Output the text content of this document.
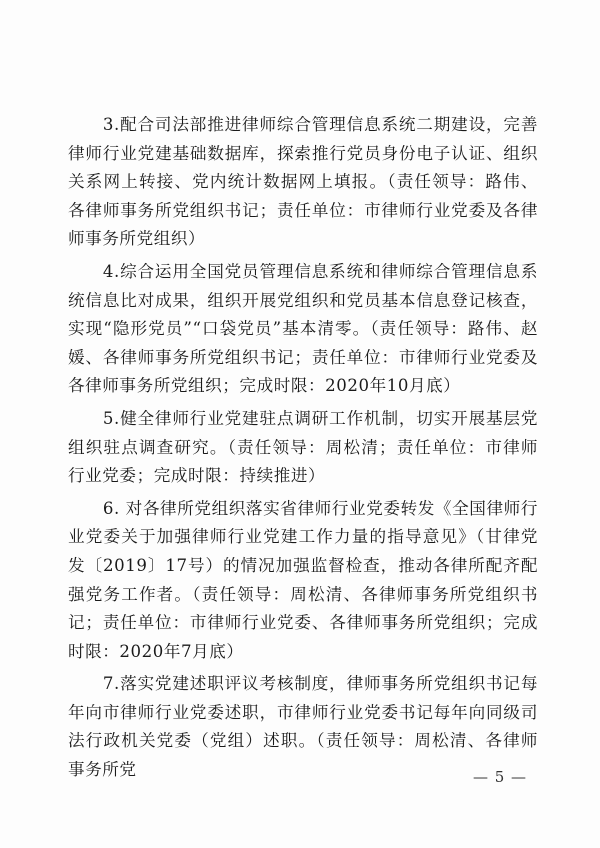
3.配合司法部推进律师综合管理信息系统二期建设，完善律师行业党建基础数据库，探索推行党员身份电子认证、组织关系网上转接、党内统计数据网上填报。（责任领导：路伟、各律师事务所党组织书记；责任单位：市律师行业党委及各律师事务所党组织）

4.综合运用全国党员管理信息系统和律师综合管理信息系统信息比对成果，组织开展党组织和党员基本信息登记核查，实现“隐形党员”“口袋党员”基本清零。（责任领导：路伟、赵媛、各律师事务所党组织书记；责任单位：市律师行业党委及各律师事务所党组织；完成时限：2020年10月底）

5.健全律师行业党建驻点调研工作机制，切实开展基层党组织驻点调查研究。（责任领导：周松清；责任单位：市律师行业党委；完成时限：持续推进）

6. 对各律所党组织落实省律师行业党委转发《全国律师行业党委关于加强律师行业党建工作力量的指导意见》（甘律党发〔2019〕17号）的情况加强监督检查，推动各律所配齐配强党务工作者。（责任领导：周松清、各律师事务所党组织书记；责任单位：市律师行业党委、各律师事务所党组织；完成时限：2020年7月底）

7.落实党建述职评议考核制度，律师事务所党组织书记每年向市律师行业党委述职，市律师行业党委书记每年向同级司法行政机关党委（党组）述职。（责任领导：周松清、各律师事务所党	— 5 —
